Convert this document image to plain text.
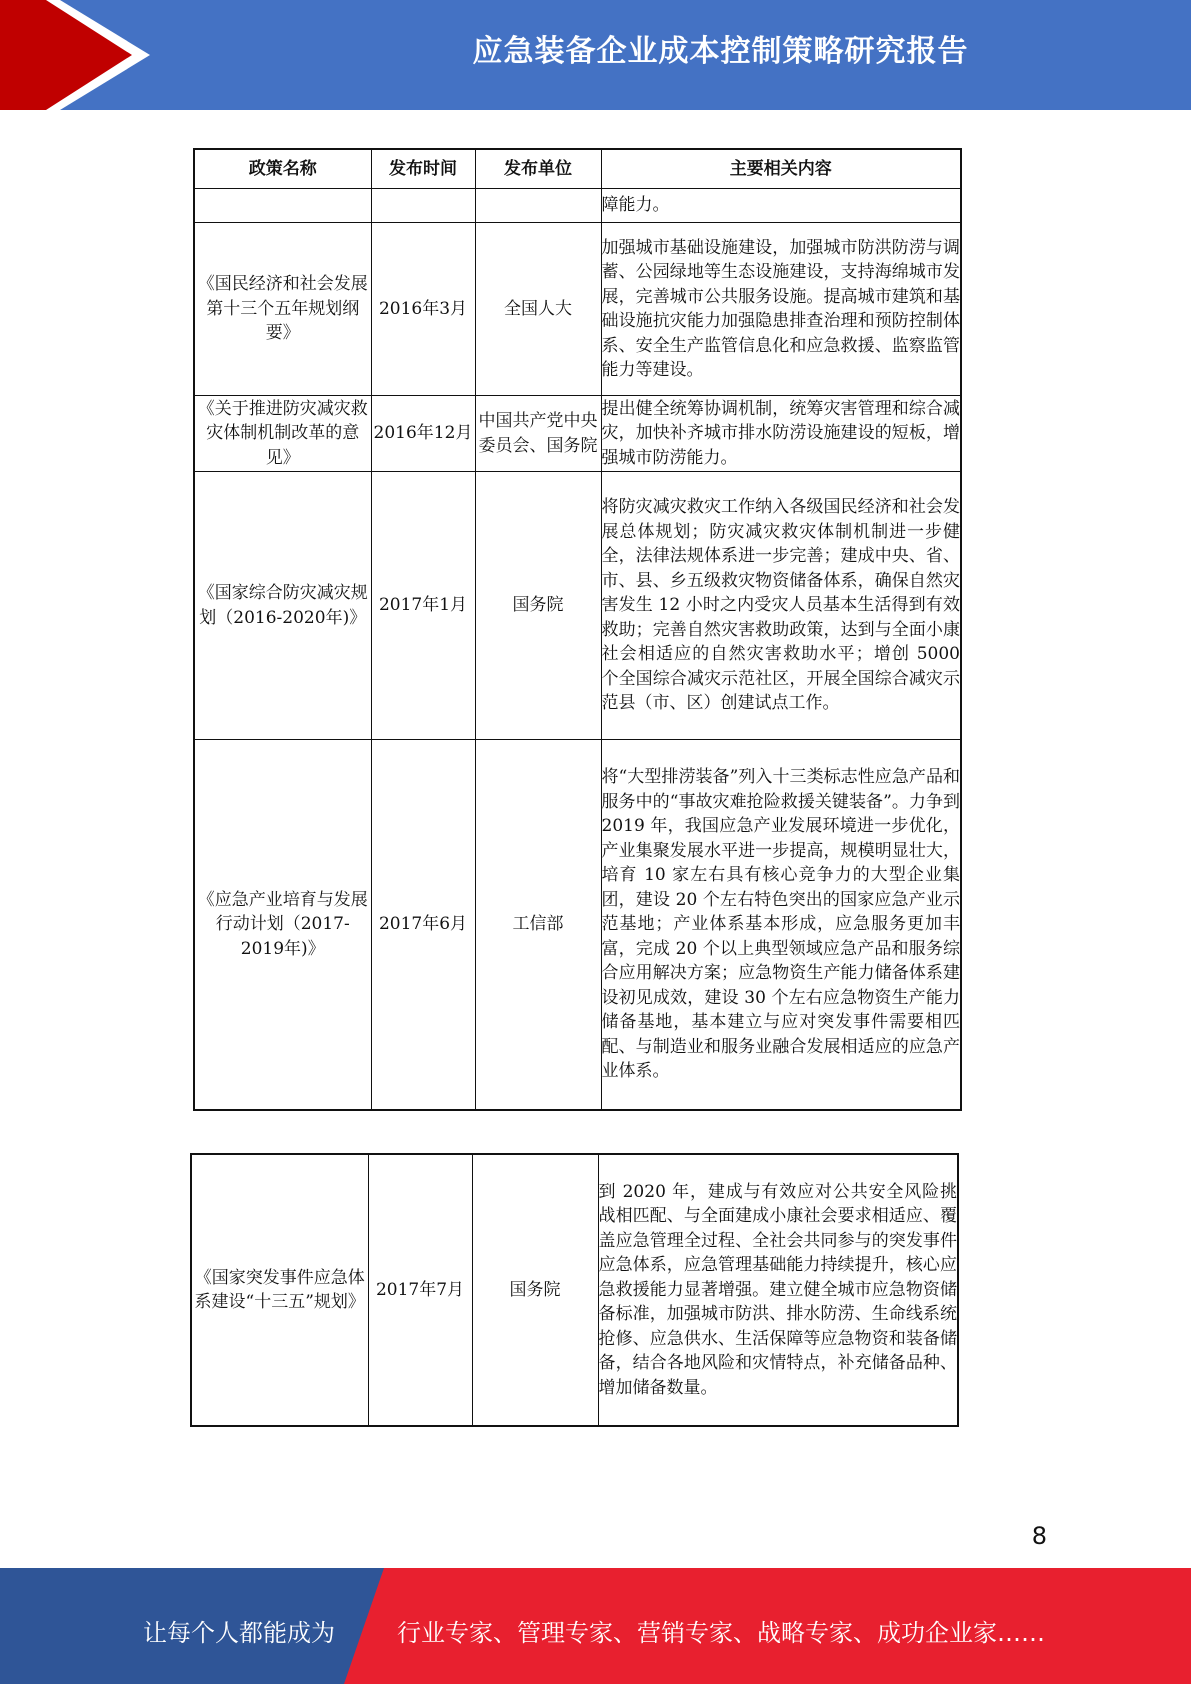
应急装备企业成本控制策略研究报告
政策名称	发布时间	发布单位	主要相关内容
			障能力。
《国民经济和社会发展第十三个五年规划纲要》	2016年3月	全国人大	加强城市基础设施建设，加强城市防洪防涝与调蓄、公园绿地等生态设施建设，支持海绵城市发展，完善城市公共服务设施。提高城市建筑和基础设施抗灾能力加强隐患排查治理和预防控制体系、安全生产监管信息化和应急救援、监察监管能力等建设。
《关于推进防灾减灾救灾体制机制改革的意见》	2016年12月	中国共产党中央委员会、国务院	提出健全统筹协调机制，统筹灾害管理和综合减灾，加快补齐城市排水防涝设施建设的短板，增强城市防涝能力。
《国家综合防灾减灾规划（2016-2020年)》	2017年1月	国务院	将防灾减灾救灾工作纳入各级国民经济和社会发展总体规划；防灾减灾救灾体制机制进一步健全，法律法规体系进一步完善；建成中央、省、市、县、乡五级救灾物资储备体系，确保自然灾害发生 12 小时之内受灾人员基本生活得到有效救助；完善自然灾害救助政策，达到与全面小康社会相适应的自然灾害救助水平；增创 5000 个全国综合减灾示范社区，开展全国综合减灾示范县（市、区）创建试点工作。
《应急产业培育与发展行动计划（2017-2019年)》	2017年6月	工信部	将“大型排涝装备”列入十三类标志性应急产品和服务中的“事故灾难抢险救援关键装备”。力争到 2019 年，我国应急产业发展环境进一步优化，产业集聚发展水平进一步提高，规模明显壮大，培育 10 家左右具有核心竞争力的大型企业集团，建设 20 个左右特色突出的国家应急产业示范基地；产业体系基本形成，应急服务更加丰富，完成 20 个以上典型领域应急产品和服务综合应用解决方案；应急物资生产能力储备体系建设初见成效，建设 30 个左右应急物资生产能力储备基地，基本建立与应对突发事件需要相匹配、与制造业和服务业融合发展相适应的应急产业体系。
《国家突发事件应急体系建设“十三五”规划》	2017年7月	国务院	到 2020 年，建成与有效应对公共安全风险挑战相匹配、与全面建成小康社会要求相适应、覆盖应急管理全过程、全社会共同参与的突发事件应急体系，应急管理基础能力持续提升，核心应急救援能力显著增强。建立健全城市应急物资储备标准，加强城市防洪、排水防涝、生命线系统抢修、应急供水、生活保障等应急物资和装备储备，结合各地风险和灾情特点，补充储备品种、增加储备数量。
8
让每个人都能成为	行业专家、管理专家、营销专家、战略专家、成功企业家……
